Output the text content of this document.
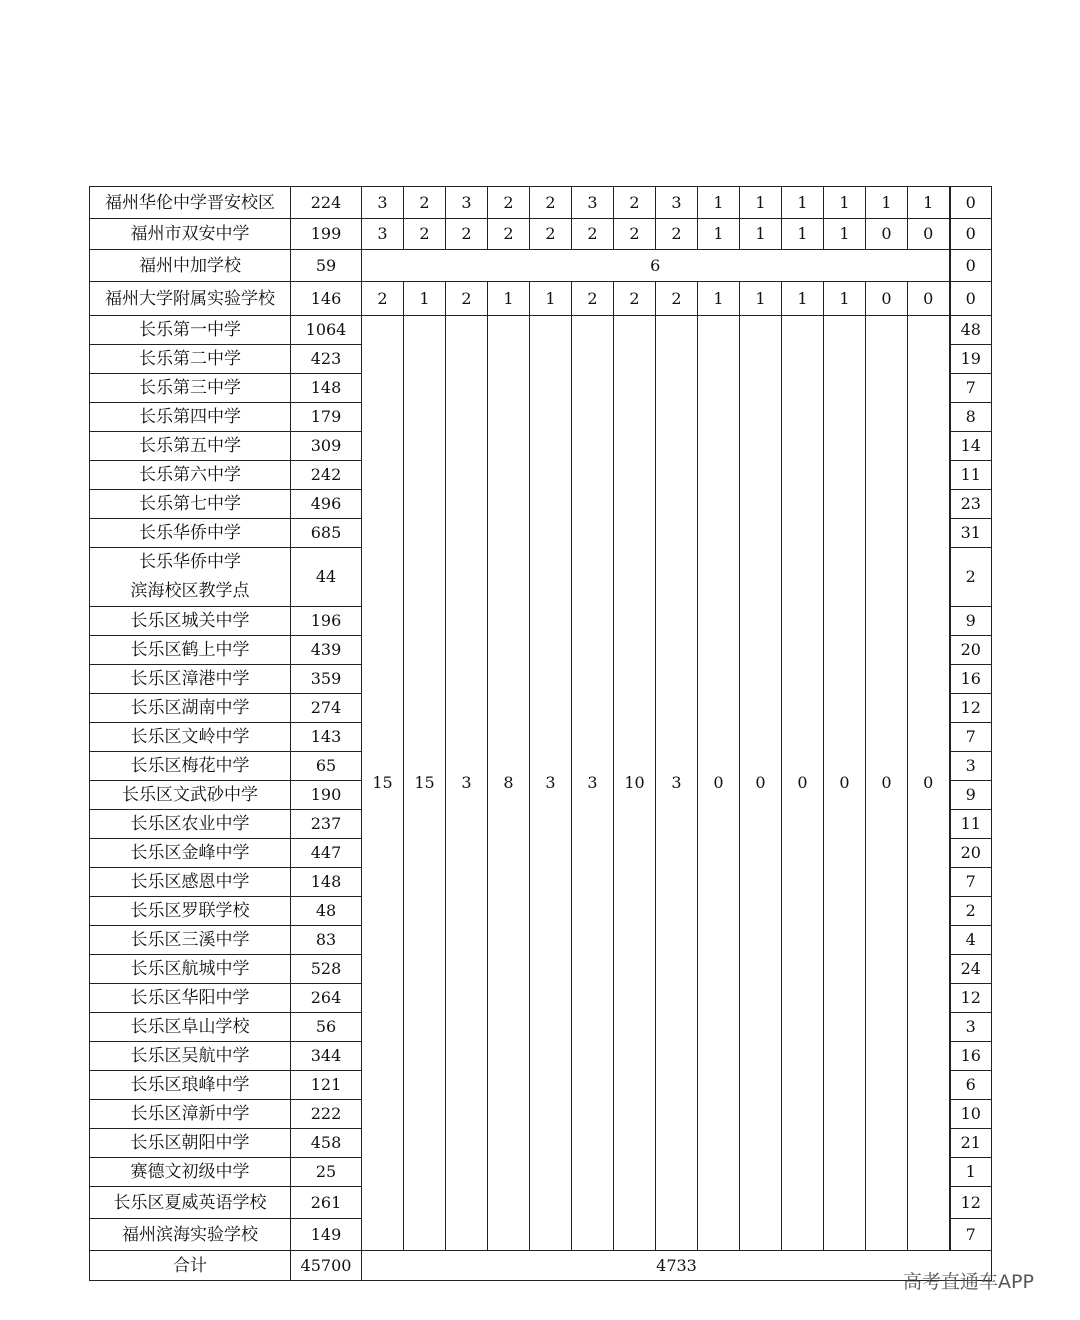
福州华伦中学晋安校区	224	3	2	3	2	2	3	2	3	1	1	1	1	1	1	0
福州市双安中学	199	3	2	2	2	2	2	2	2	1	1	1	1	0	0	0
福州中加学校	59	6														0
福州大学附属实验学校	146	2	1	2	1	1	2	2	2	1	1	1	1	0	0	0
长乐第一中学	1064	15	15	3	8	3	3	10	3	0	0	0	0	0	0	48
长乐第二中学	423															19
长乐第三中学	148															7
长乐第四中学	179															8
长乐第五中学	309															14
长乐第六中学	242															11
长乐第七中学	496															23
长乐华侨中学	685															31
长乐华侨中学
滨海校区教学点	44															2
长乐区城关中学	196															9
长乐区鹤上中学	439															20
长乐区漳港中学	359															16
长乐区湖南中学	274															12
长乐区文岭中学	143															7
长乐区梅花中学	65															3
长乐区文武砂中学	190															9
长乐区农业中学	237															11
长乐区金峰中学	447															20
长乐区感恩中学	148															7
长乐区罗联学校	48															2
长乐区三溪中学	83															4
长乐区航城中学	528															24
长乐区华阳中学	264															12
长乐区阜山学校	56															3
长乐区吴航中学	344															16
长乐区琅峰中学	121															6
长乐区漳新中学	222															10
长乐区朝阳中学	458															21
赛德文初级中学	25															1
长乐区夏威英语学校	261															12
福州滨海实验学校	149															7
合计	45700	4733														
高考直通车APP
